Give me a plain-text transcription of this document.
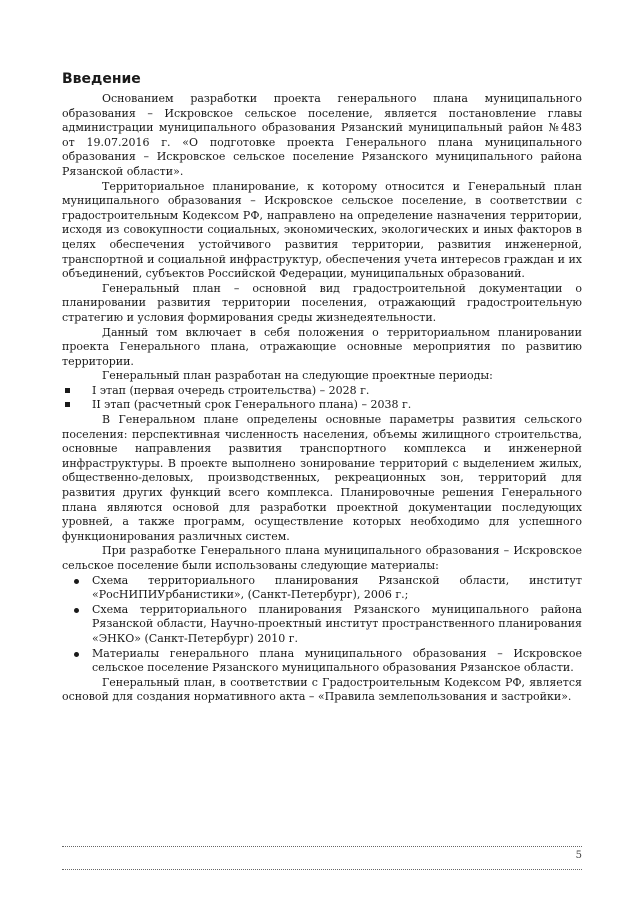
Введение

Основанием разработки проекта генерального плана муниципального образования – Искровское сельское поселение, является постановление главы администрации муниципального образования Рязанский муниципальный район №483 от 19.07.2016 г. «О подготовке проекта Генерального плана муниципального образования – Искровское сельское поселение Рязанского муниципального района Рязанской области».

Территориальное планирование, к которому относится и Генеральный план муниципального образования – Искровское сельское поселение, в соответствии с градостроительным Кодексом РФ, направлено на определение назначения территории, исходя из совокупности социальных, экономических, экологических и иных факторов в целях обеспечения устойчивого развития территории, развития инженерной, транспортной и социальной инфраструктур, обеспечения учета интересов граждан и их объединений, субъектов Российской Федерации, муниципальных образований.

Генеральный план – основной вид градостроительной документации о планировании развития территории поселения, отражающий градостроительную стратегию и условия формирования среды жизнедеятельности.

Данный том включает в себя положения о территориальном планировании проекта Генерального плана, отражающие основные мероприятия по развитию территории.

Генеральный план разработан на следующие проектные периоды:

I этап (первая очередь строительства) – 2028 г.
II этап (расчетный срок Генерального плана) – 2038 г.

В Генеральном плане определены основные параметры развития сельского поселения: перспективная численность населения, объемы жилищного строительства, основные направления развития транспортного комплекса и инженерной инфраструктуры. В проекте выполнено зонирование территорий с выделением жилых, общественно-деловых, производственных, рекреационных зон, территорий для развития других функций всего комплекса. Планировочные решения Генерального плана являются основой для разработки проектной документации последующих уровней, а также программ, осуществление которых необходимо для успешного функционирования различных систем.

При разработке Генерального плана муниципального образования – Искровское сельское поселение были использованы следующие материалы:

Схема территориального планирования Рязанской области, институт «РосНИПИУрбанистики», (Санкт-Петербург), 2006 г.;
Схема территориального планирования Рязанского муниципального района Рязанской области, Научно-проектный институт пространственного планирования «ЭНКО» (Санкт-Петербург) 2010 г.
Материалы генерального плана муниципального образования – Искровское сельское поселение Рязанского муниципального образования Рязанское области.

Генеральный план, в соответствии с Градостроительным Кодексом РФ, является основой для создания нормативного акта – «Правила землепользования и застройки».

5
